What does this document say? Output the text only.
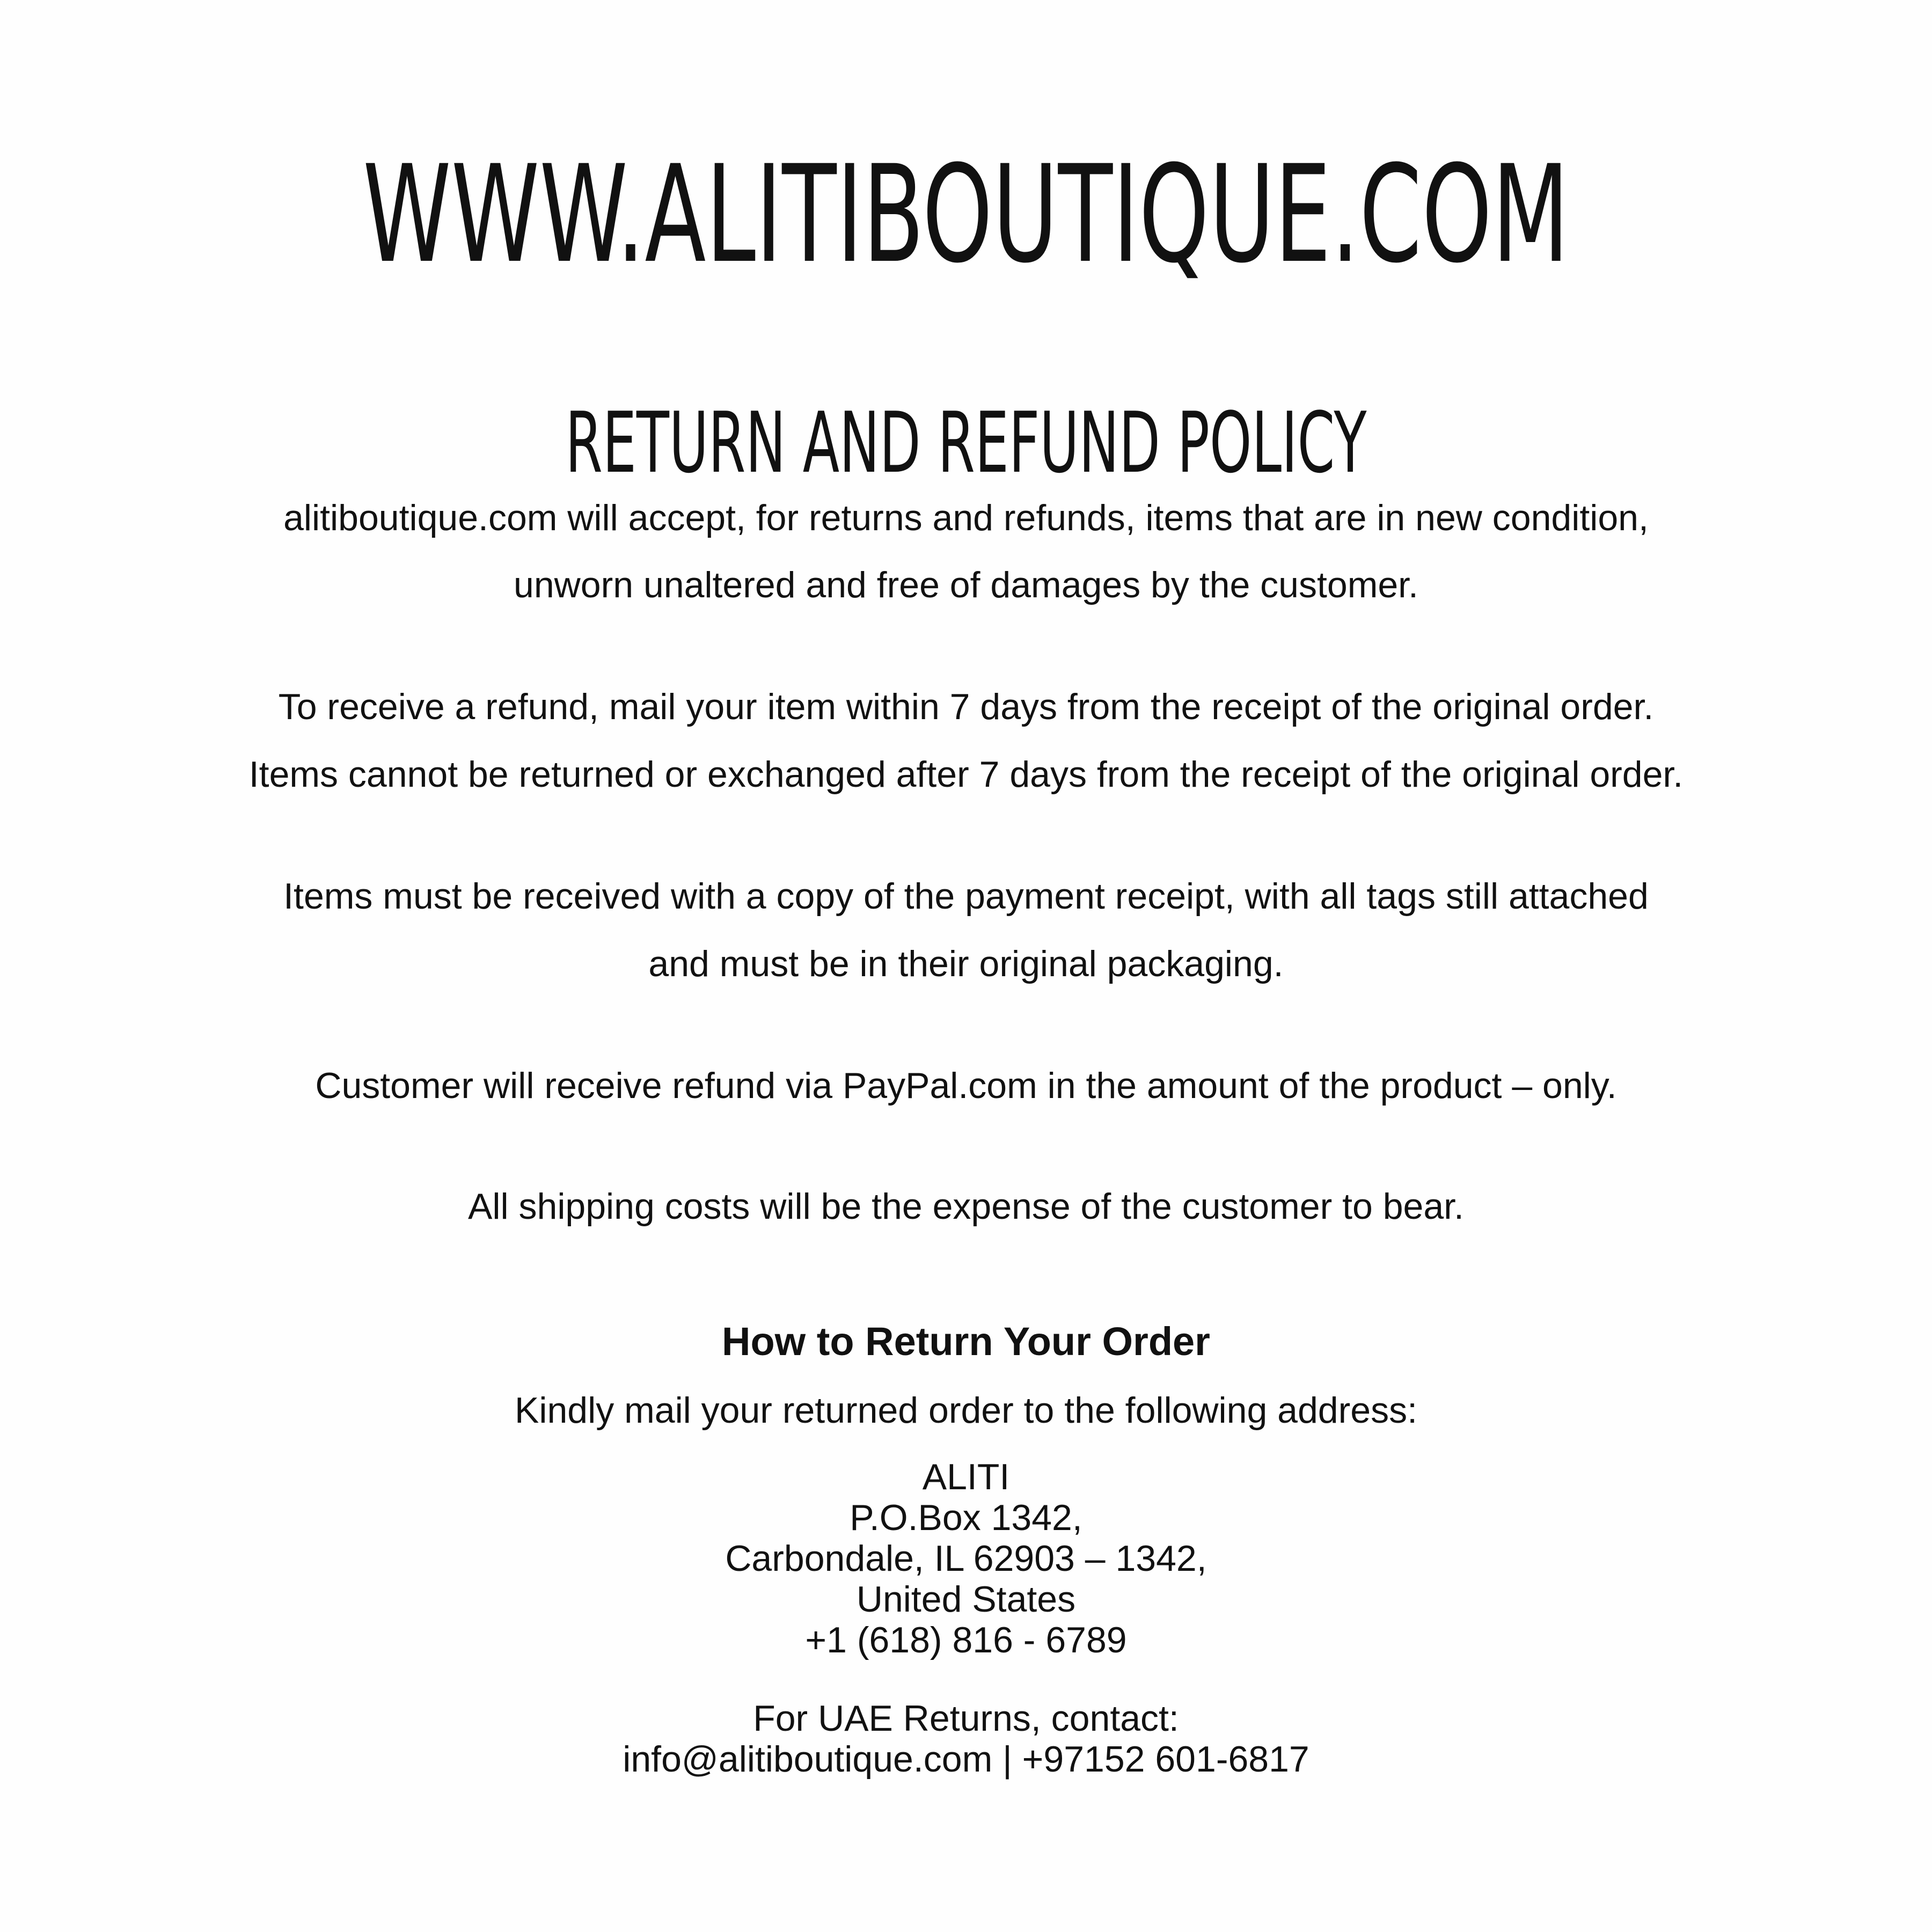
WWW.ALITIBOUTIQUE.COM
RETURN AND REFUND POLICY

alitiboutique.com will accept, for returns and refunds, items that are in new condition,

unworn unaltered and free of damages by the customer.

To receive a refund, mail your item within 7 days from the receipt of the original order.

Items cannot be returned or exchanged after 7 days from the receipt of the original order.

Items must be received with a copy of the payment receipt, with all tags still attached

and must be in their original packaging.

Customer will receive refund via PayPal.com in the amount of the product – only.

All shipping costs will be the expense of the customer to bear.

How to Return Your Order

Kindly mail your returned order to the following address:

ALITI

P.O.Box 1342,

Carbondale, IL 62903 – 1342,

United States

+1 (618) 816 - 6789

For UAE Returns, contact:

info@alitiboutique.com | +97152 601-6817
